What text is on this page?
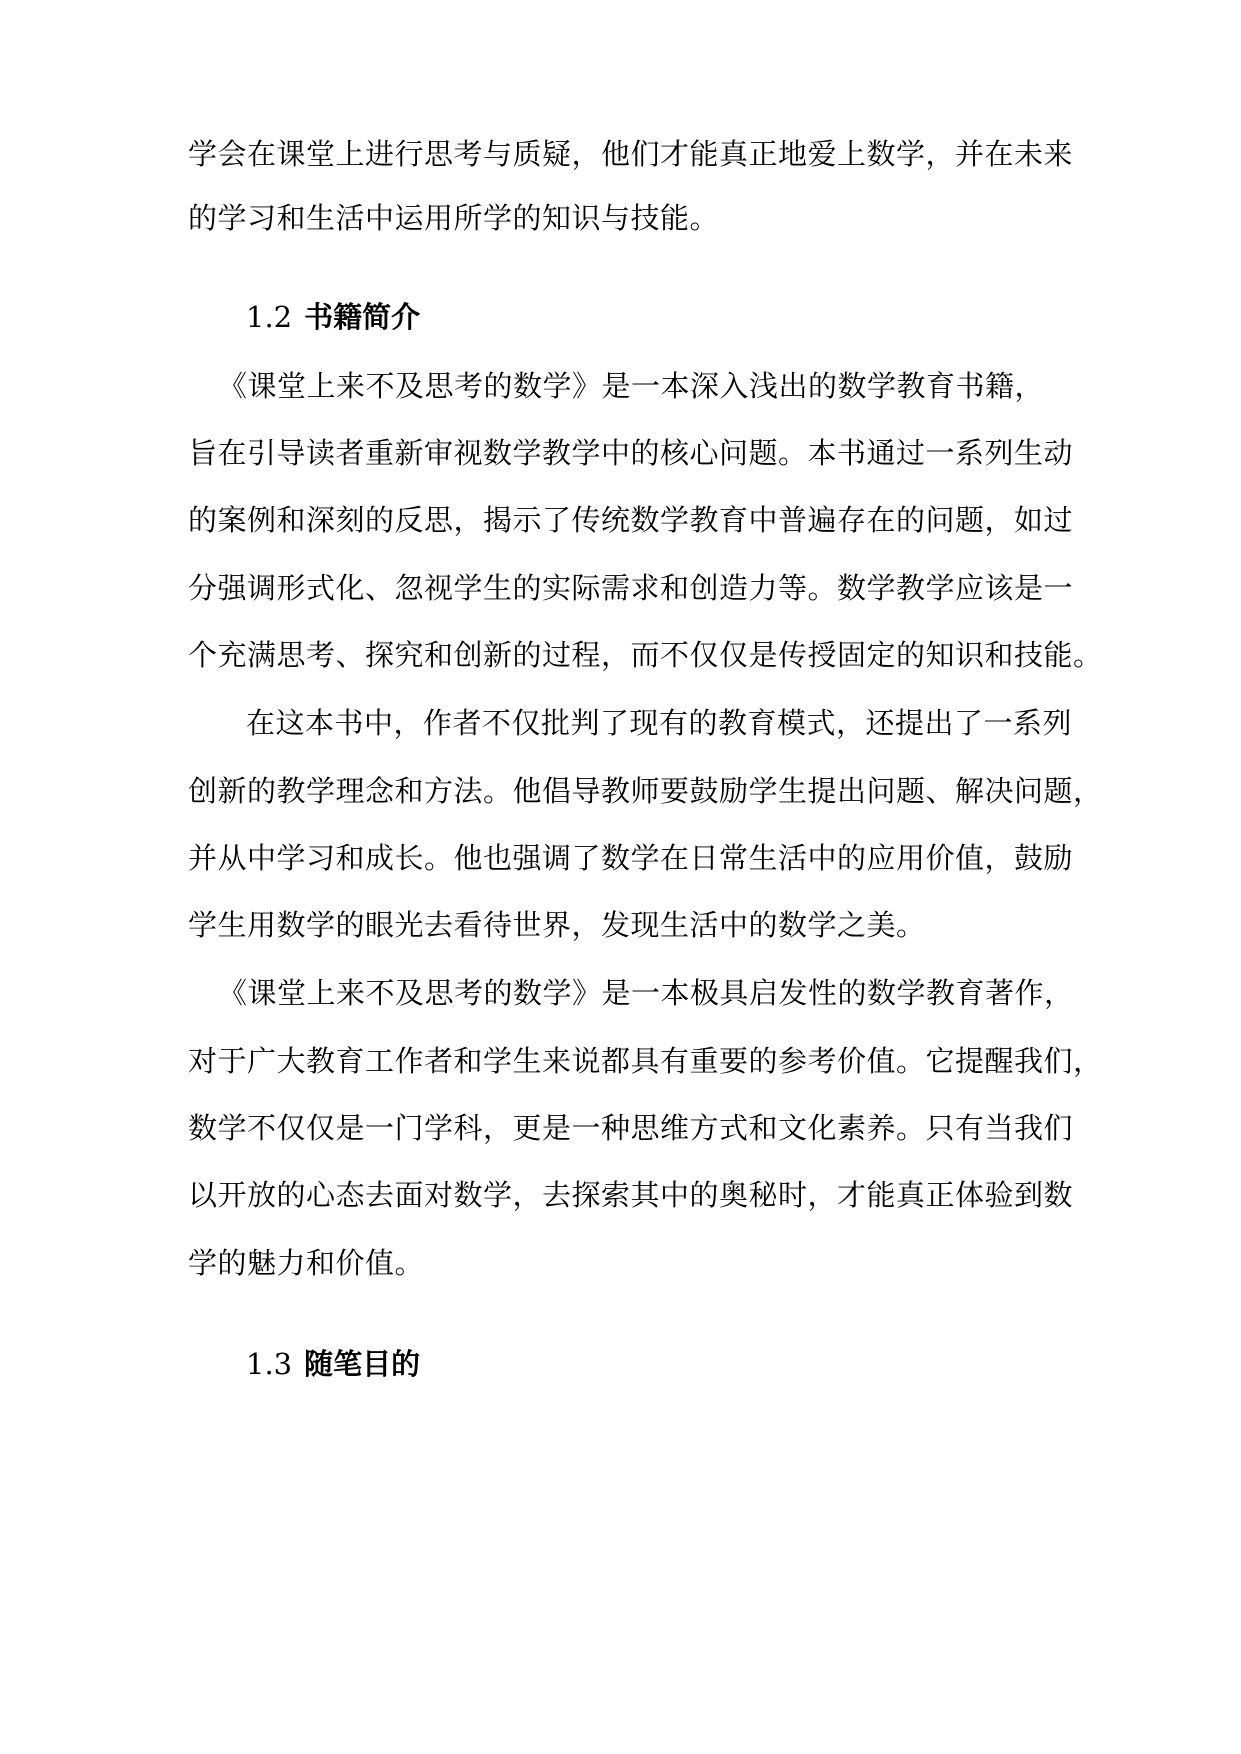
学会在课堂上进行思考与质疑，他们才能真正地爱上数学，并在未来
的学习和生活中运用所学的知识与技能。
1.2 书籍简介
《课堂上来不及思考的数学》是一本深入浅出的数学教育书籍，
旨在引导读者重新审视数学教学中的核心问题。本书通过一系列生动
的案例和深刻的反思，揭示了传统数学教育中普遍存在的问题，如过
分强调形式化、忽视学生的实际需求和创造力等。数学教学应该是一
个充满思考、探究和创新的过程，而不仅仅是传授固定的知识和技能。
在这本书中，作者不仅批判了现有的教育模式，还提出了一系列
创新的教学理念和方法。他倡导教师要鼓励学生提出问题、解决问题，
并从中学习和成长。他也强调了数学在日常生活中的应用价值，鼓励
学生用数学的眼光去看待世界，发现生活中的数学之美。
《课堂上来不及思考的数学》是一本极具启发性的数学教育著作，
对于广大教育工作者和学生来说都具有重要的参考价值。它提醒我们，
数学不仅仅是一门学科，更是一种思维方式和文化素养。只有当我们
以开放的心态去面对数学，去探索其中的奥秘时，才能真正体验到数
学的魅力和价值。
1.3 随笔目的
